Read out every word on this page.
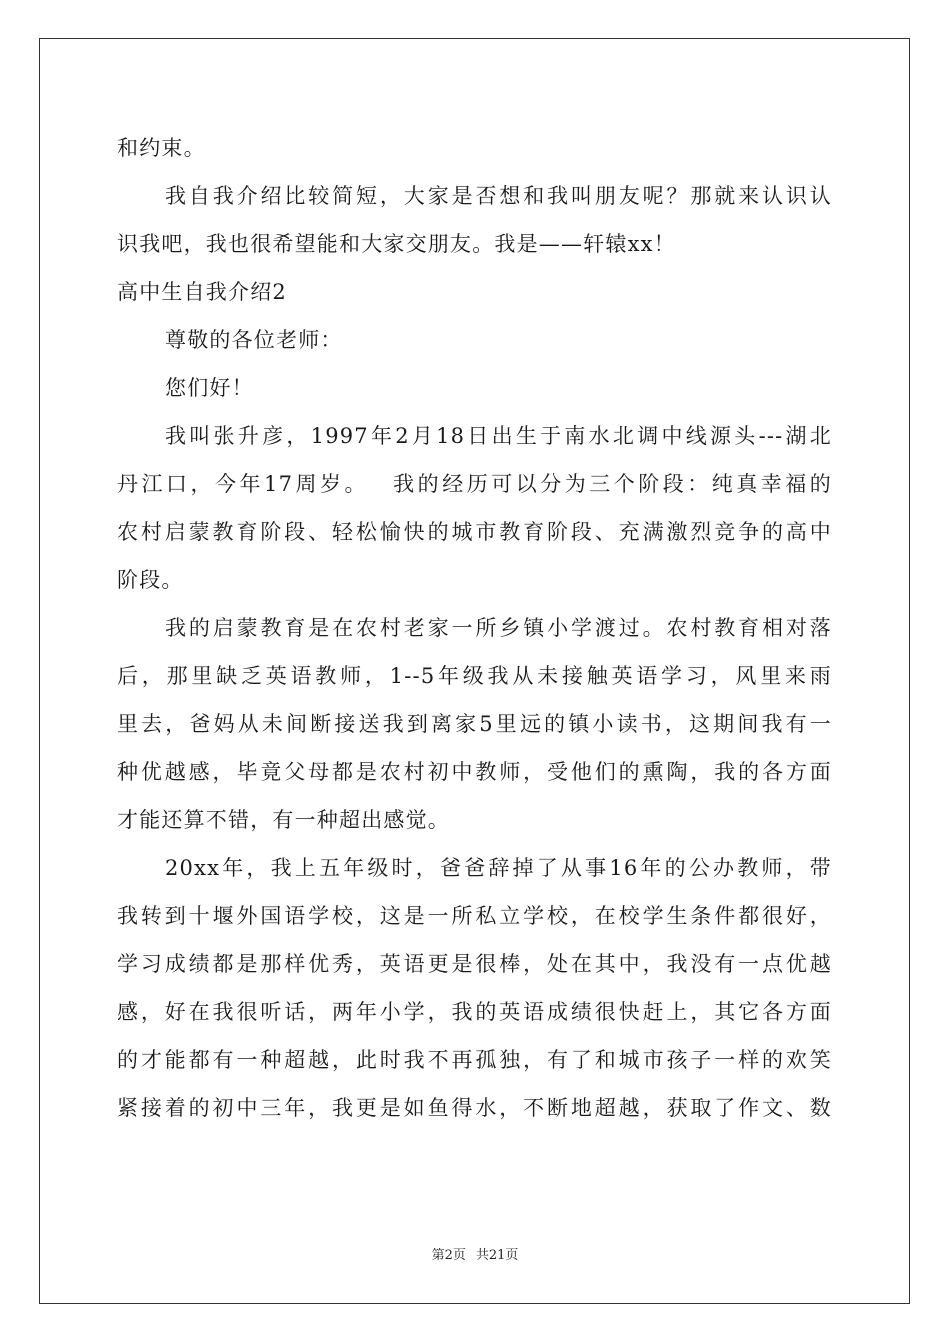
和约束。
我自我介绍比较简短，大家是否想和我叫朋友呢？那就来认识认
识我吧，我也很希望能和大家交朋友。我是——轩辕xx！
高中生自我介绍2
尊敬的各位老师：
您们好！
我叫张升彦，1997年2月18日出生于南水北调中线源头---湖北
丹江口，今年17周岁。　 我的经历可以分为三个阶段：纯真幸福的
农村启蒙教育阶段、轻松愉快的城市教育阶段、充满激烈竞争的高中
阶段。
我的启蒙教育是在农村老家一所乡镇小学渡过。农村教育相对落
后，那里缺乏英语教师，1--5年级我从未接触英语学习，风里来雨
里去，爸妈从未间断接送我到离家5里远的镇小读书，这期间我有一
种优越感，毕竟父母都是农村初中教师，受他们的熏陶，我的各方面
才能还算不错，有一种超出感觉。
20xx年，我上五年级时，爸爸辞掉了从事16年的公办教师，带
我转到十堰外国语学校，这是一所私立学校，在校学生条件都很好，
学习成绩都是那样优秀，英语更是很棒，处在其中，我没有一点优越
感，好在我很听话，两年小学，我的英语成绩很快赶上，其它各方面
的才能都有一种超越，此时我不再孤独，有了和城市孩子一样的欢笑
紧接着的初中三年，我更是如鱼得水，不断地超越，获取了作文、数
第2页 共21页
